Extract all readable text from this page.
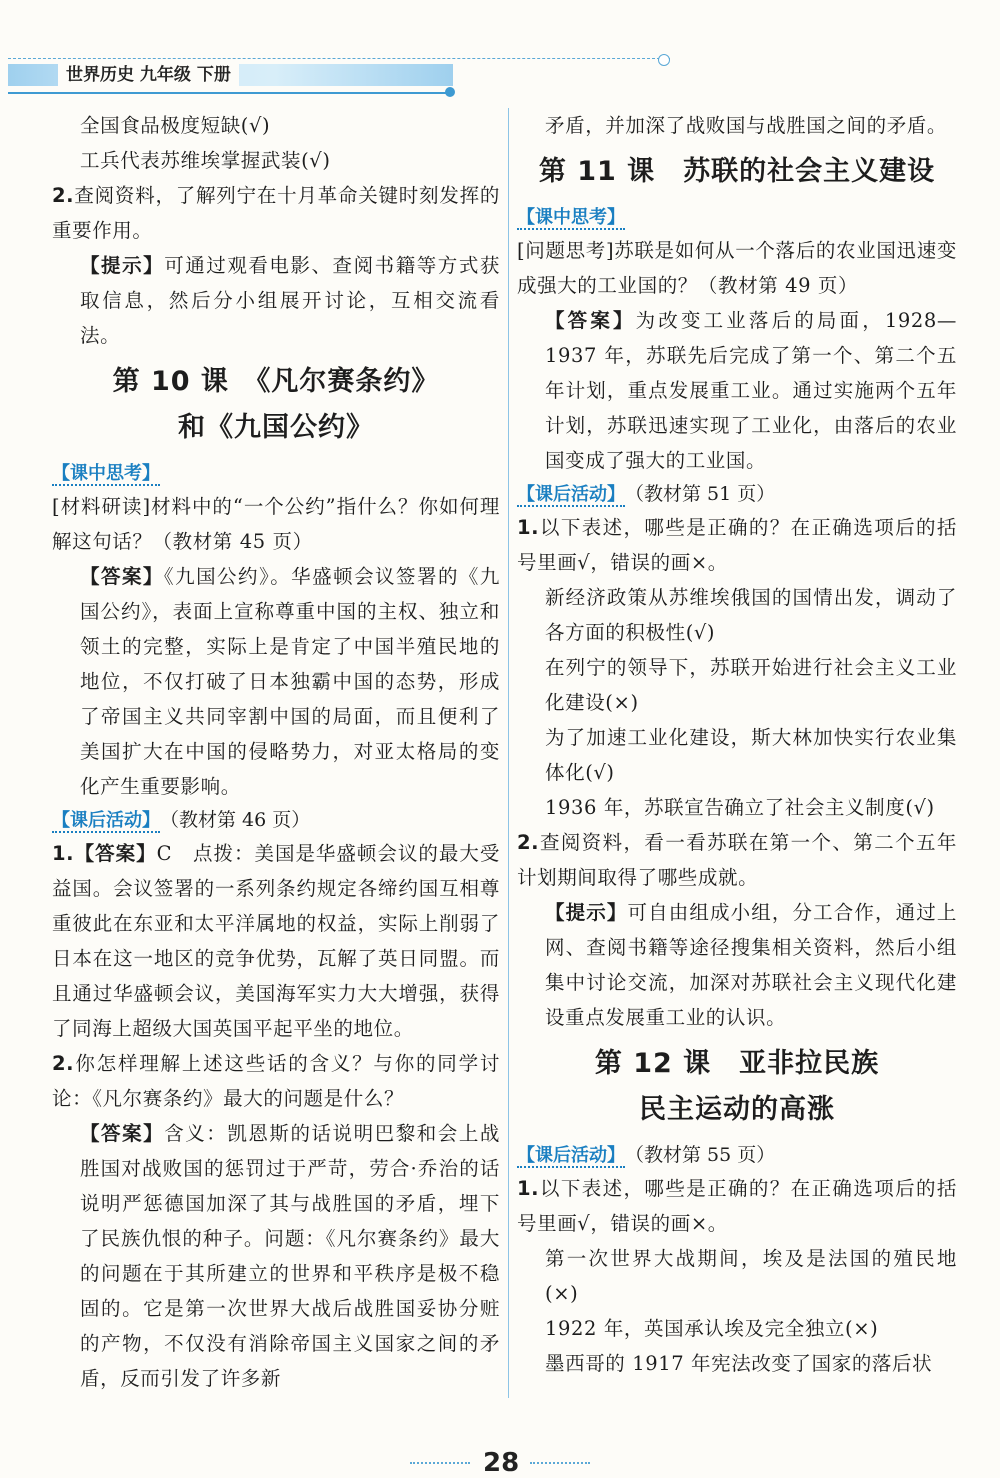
世界历史 九年级 下册

全国食品极度短缺(√)

工兵代表苏维埃掌握武装(√)

2.查阅资料，了解列宁在十月革命关键时刻发挥的重要作用。

【提示】可通过观看电影、查阅书籍等方式获取信息，然后分小组展开讨论，互相交流看法。

第 10 课　《凡尔赛条约》
和《九国公约》
【课中思考】

[材料研读]材料中的“一个公约”指什么？你如何理解这句话？（教材第 45 页）

【答案】《九国公约》。华盛顿会议签署的《九国公约》，表面上宣称尊重中国的主权、独立和领土的完整，实际上是肯定了中国半殖民地的地位，不仅打破了日本独霸中国的态势，形成了帝国主义共同宰割中国的局面，而且便利了美国扩大在中国的侵略势力，对亚太格局的变化产生重要影响。

【课后活动】（教材第 46 页）

1.【答案】C　点拨：美国是华盛顿会议的最大受益国。会议签署的一系列条约规定各缔约国互相尊重彼此在东亚和太平洋属地的权益，实际上削弱了日本在这一地区的竞争优势，瓦解了英日同盟。而且通过华盛顿会议，美国海军实力大大增强，获得了同海上超级大国英国平起平坐的地位。

2.你怎样理解上述这些话的含义？与你的同学讨论：《凡尔赛条约》最大的问题是什么？

【答案】含义：凯恩斯的话说明巴黎和会上战胜国对战败国的惩罚过于严苛，劳合·乔治的话说明严惩德国加深了其与战胜国的矛盾，埋下了民族仇恨的种子。问题：《凡尔赛条约》最大的问题在于其所建立的世界和平秩序是极不稳固的。它是第一次世界大战后战胜国妥协分赃的产物，不仅没有消除帝国主义国家之间的矛盾，反而引发了许多新

矛盾，并加深了战败国与战胜国之间的矛盾。

第 11 课　苏联的社会主义建设
【课中思考】

[问题思考]苏联是如何从一个落后的农业国迅速变成强大的工业国的？（教材第 49 页）

【答案】为改变工业落后的局面，1928—1937 年，苏联先后完成了第一个、第二个五年计划，重点发展重工业。通过实施两个五年计划，苏联迅速实现了工业化，由落后的农业国变成了强大的工业国。

【课后活动】（教材第 51 页）

1.以下表述，哪些是正确的？在正确选项后的括号里画√，错误的画×。

新经济政策从苏维埃俄国的国情出发，调动了各方面的积极性(√)

在列宁的领导下，苏联开始进行社会主义工业化建设(×)

为了加速工业化建设，斯大林加快实行农业集体化(√)

1936 年，苏联宣告确立了社会主义制度(√)

2.查阅资料，看一看苏联在第一个、第二个五年计划期间取得了哪些成就。

【提示】可自由组成小组，分工合作，通过上网、查阅书籍等途径搜集相关资料，然后小组集中讨论交流，加深对苏联社会主义现代化建设重点发展重工业的认识。

第 12 课　亚非拉民族
民主运动的高涨
【课后活动】（教材第 55 页）

1.以下表述，哪些是正确的？在正确选项后的括号里画√，错误的画×。

第一次世界大战期间，埃及是法国的殖民地(×)

1922 年，英国承认埃及完全独立(×)

墨西哥的 1917 年宪法改变了国家的落后状

28
